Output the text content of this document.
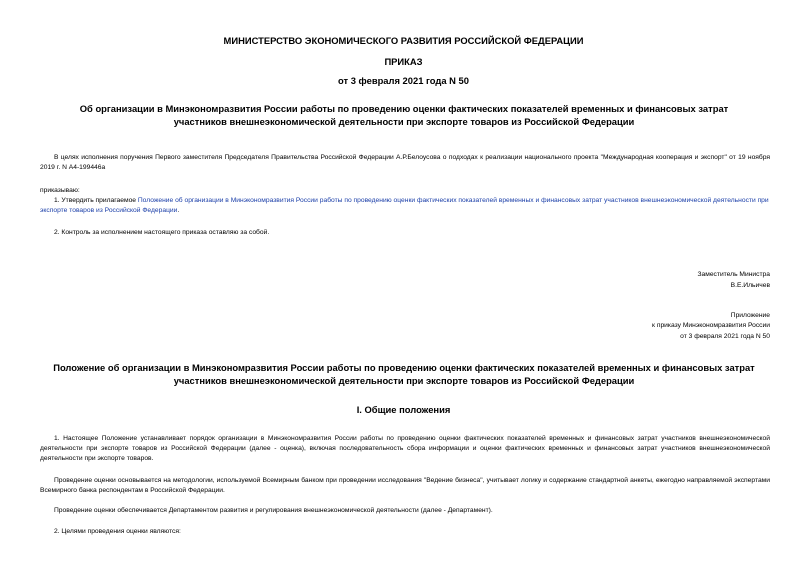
МИНИСТЕРСТВО ЭКОНОМИЧЕСКОГО РАЗВИТИЯ РОССИЙСКОЙ ФЕДЕРАЦИИ
ПРИКАЗ
от 3 февраля 2021 года N 50
Об организации в Минэкономразвития России работы по проведению оценки фактических показателей временных и финансовых затрат участников внешнеэкономической деятельности при экспорте товаров из Российской Федерации
В целях исполнения поручения Первого заместителя Председателя Правительства Российской Федерации А.Р.Белоусова о подходах к реализации национального проекта "Международная кооперация и экспорт" от 19 ноября 2019 г. N А4-199446а
приказываю:
1. Утвердить прилагаемое Положение об организации в Минэкономразвития России работы по проведению оценки фактических показателей временных и финансовых затрат участников внешнеэкономической деятельности при экспорте товаров из Российской Федерации.
2. Контроль за исполнением настоящего приказа оставляю за собой.
Заместитель Министра
В.Е.Ильичев
Приложение
к приказу Минэкономразвития России
от 3 февраля 2021 года N 50
Положение об организации в Минэкономразвития России работы по проведению оценки фактических показателей временных и финансовых затрат участников внешнеэкономической деятельности при экспорте товаров из Российской Федерации
I. Общие положения
1. Настоящее Положение устанавливает порядок организации в Минэкономразвития России работы по проведению оценки фактических показателей временных и финансовых затрат участников внешнеэкономической деятельности при экспорте товаров из Российской Федерации (далее - оценка), включая последовательность сбора информации и оценки фактических временных и финансовых затрат участников внешнеэкономической деятельности при экспорте товаров.
Проведение оценки основывается на методологии, используемой Всемирным банком при проведении исследования "Ведение бизнеса", учитывает логику и содержание стандартной анкеты, ежегодно направляемой экспертами Всемирного банка респондентам в Российской Федерации.
Проведение оценки обеспечивается Департаментом развития и регулирования внешнеэкономической деятельности (далее - Департамент).
2. Целями проведения оценки являются:
